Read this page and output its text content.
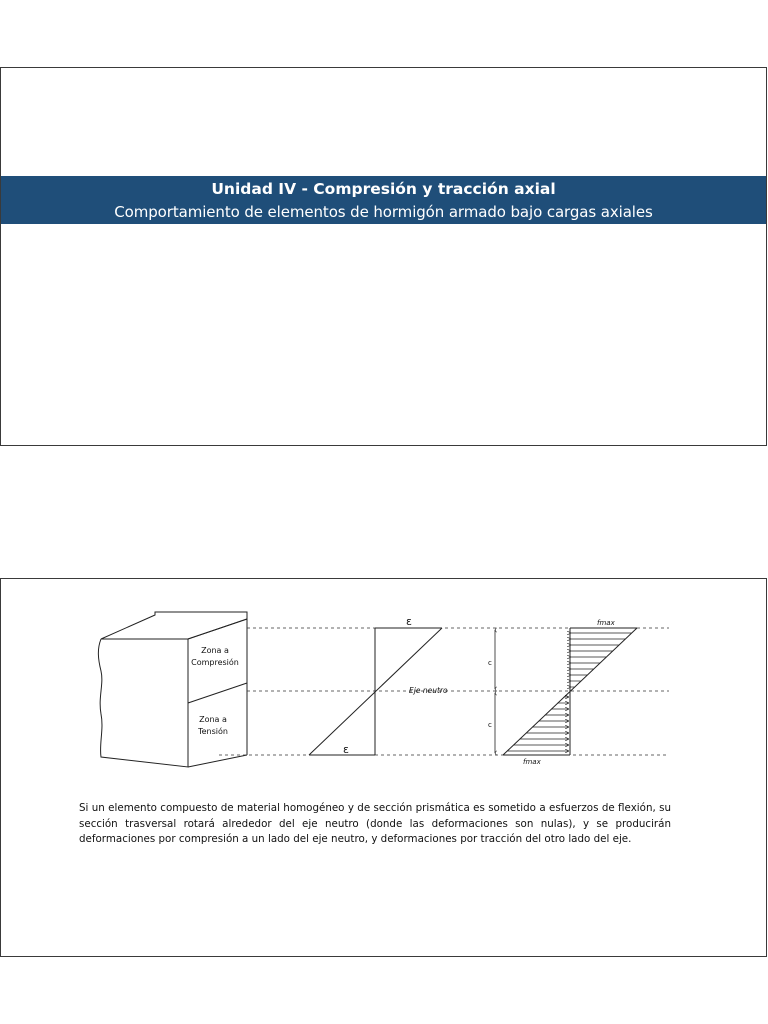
Unidad IV - Compresión y tracción axial
Comportamiento de elementos de hormigón armado bajo cargas axiales
Zona a
Compresión
Zona a
Tensión
ε
ε
Eje neutro
c
c
fmax
fmax
Si un elemento compuesto de material homogéneo y de sección prismática es sometido a esfuerzos de flexión, su sección trasversal rotará alrededor del eje neutro (donde las deformaciones son nulas), y se producirán deformaciones por compresión a un lado del eje neutro, y deformaciones por tracción del otro lado del eje.
